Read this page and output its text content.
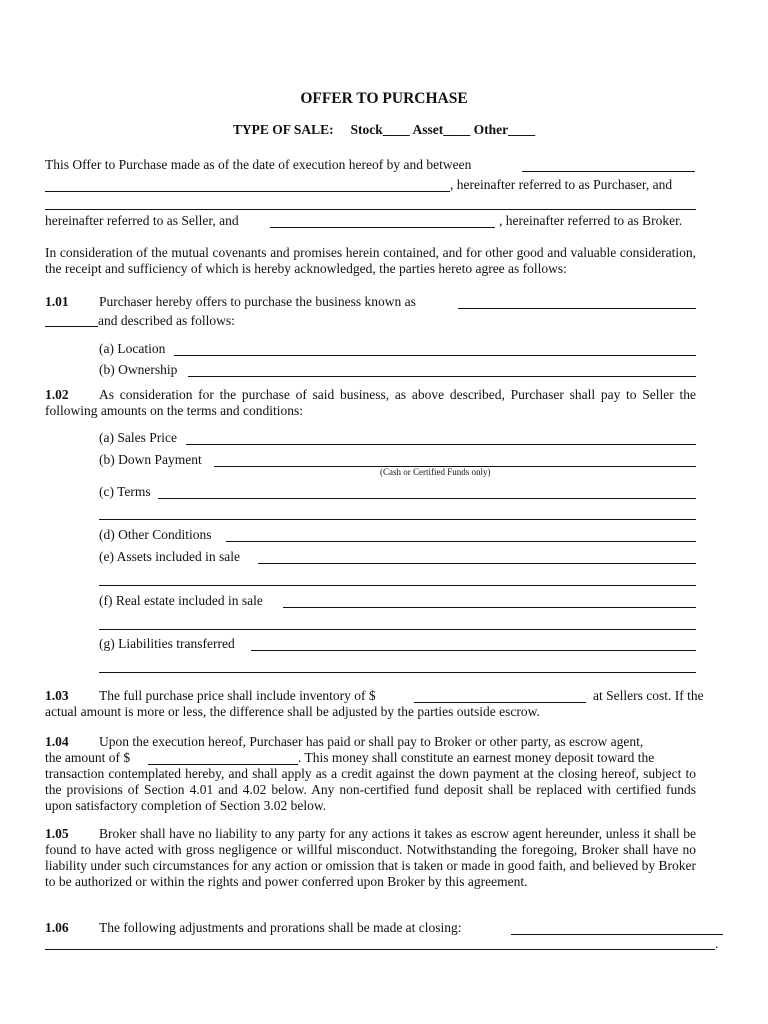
OFFER TO PURCHASE
TYPE OF SALE: Stock____ Asset____ Other____
This Offer to Purchase made as of the date of execution hereof by and between
, hereinafter referred to as Purchaser, and
hereinafter referred to as Seller, and	, hereinafter referred to as Broker.
In consideration of the mutual covenants and promises herein contained, and for other good and valuable consideration, the receipt and sufficiency of which is hereby acknowledged, the parties hereto agree as follows:
1.01 Purchaser hereby offers to purchase the business known as
and described as follows:
(a) Location
(b) Ownership
1.02	As consideration for the purchase of said business, as above described, Purchaser shall pay to Seller the following amounts on the terms and conditions:
(a) Sales Price
(b) Down Payment
(Cash or Certified Funds only)
(c) Terms
(d) Other Conditions
(e) Assets included in sale
(f) Real estate included in sale
(g) Liabilities transferred
1.03 The full purchase price shall include inventory of $	at Sellers cost. If the
actual amount is more or less, the difference shall be adjusted by the parties outside escrow.
1.04 Upon the execution hereof, Purchaser has paid or shall pay to Broker or other party, as escrow agent,
the amount of $	. This money shall constitute an earnest money deposit toward the
transaction contemplated hereby, and shall apply as a credit against the down payment at the closing hereof, subject to the provisions of Section 4.01 and 4.02 below. Any non-certified fund deposit shall be replaced with certified funds upon satisfactory completion of Section 3.02 below.
1.05	Broker shall have no liability to any party for any actions it takes as escrow agent hereunder, unless it shall be found to have acted with gross negligence or willful misconduct. Notwithstanding the foregoing, Broker shall have no liability under such circumstances for any action or omission that is taken or made in good faith, and believed by Broker to be authorized or within the rights and power conferred upon Broker by this agreement.
1.06 The following adjustments and prorations shall be made at closing:
.
